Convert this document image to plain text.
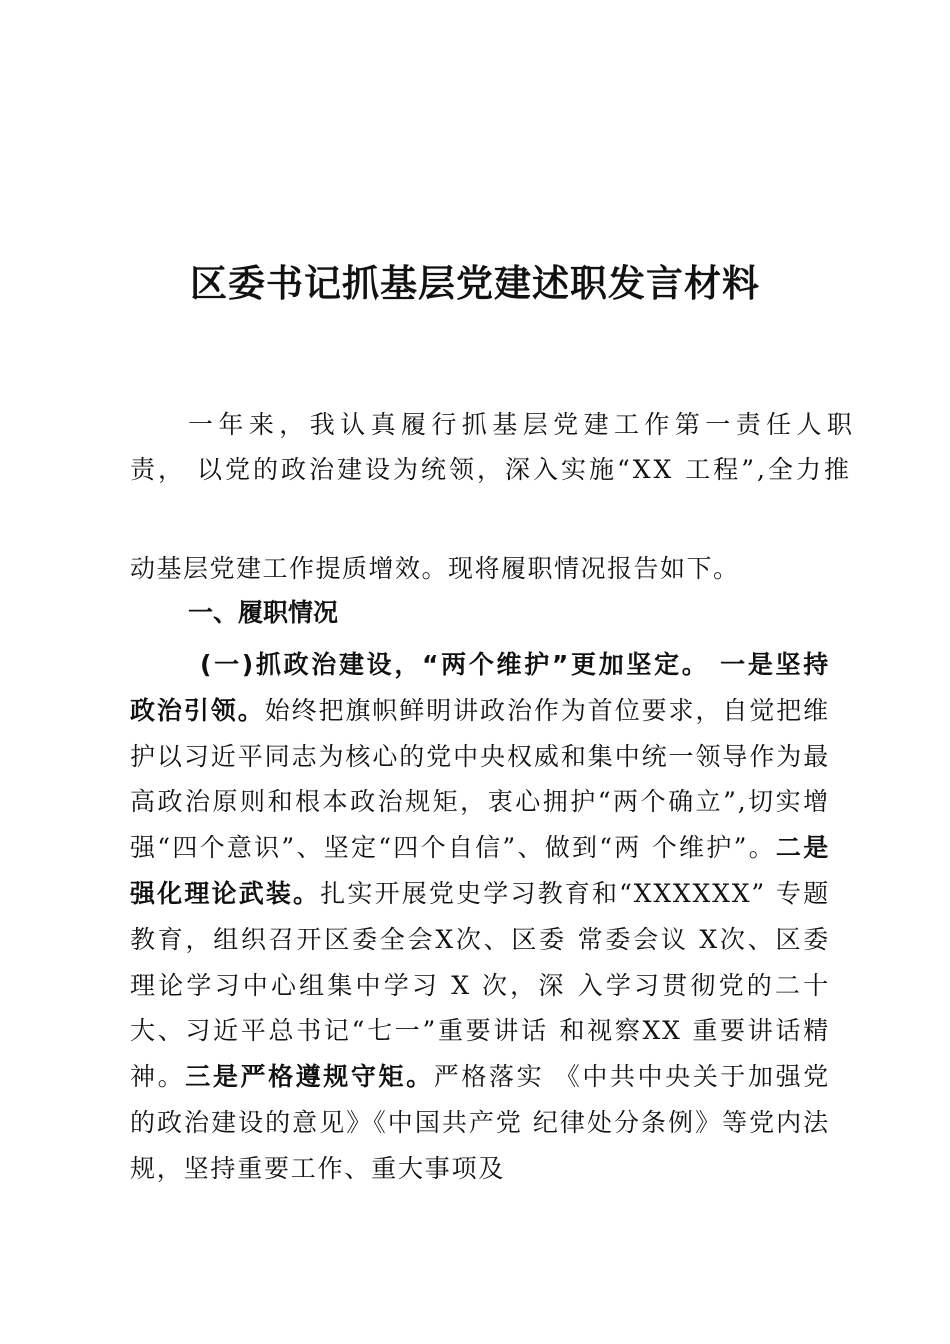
区委书记抓基层党建述职发言材料

一年来，我认真履行抓基层党建工作第一责任人职责， 以党的政治建设为统领，深入实施“XX 工程”,全力推

动基层党建工作提质增效。现将履职情况报告如下。

一、履职情况

(一)抓政治建设，“两个维护”更加坚定。 一是坚持政治引领。始终把旗帜鲜明讲政治作为首位要求，自觉把维护以习近平同志为核心的党中央权威和集中统一领导作为最高政治原则和根本政治规矩，衷心拥护“两个确立”,切实增强“四个意识”、坚定“四个自信”、做到“两 个维护”。二是强化理论武装。扎实开展党史学习教育和“XXXXXX” 专题教育，组织召开区委全会X次、区委 常委会议 X次、区委理论学习中心组集中学习 X 次，深 入学习贯彻党的二十大、习近平总书记“七一”重要讲话 和视察XX 重要讲话精神。三是严格遵规守矩。严格落实 《中共中央关于加强党的政治建设的意见》《中国共产党 纪律处分条例》等党内法规，坚持重要工作、重大事项及
